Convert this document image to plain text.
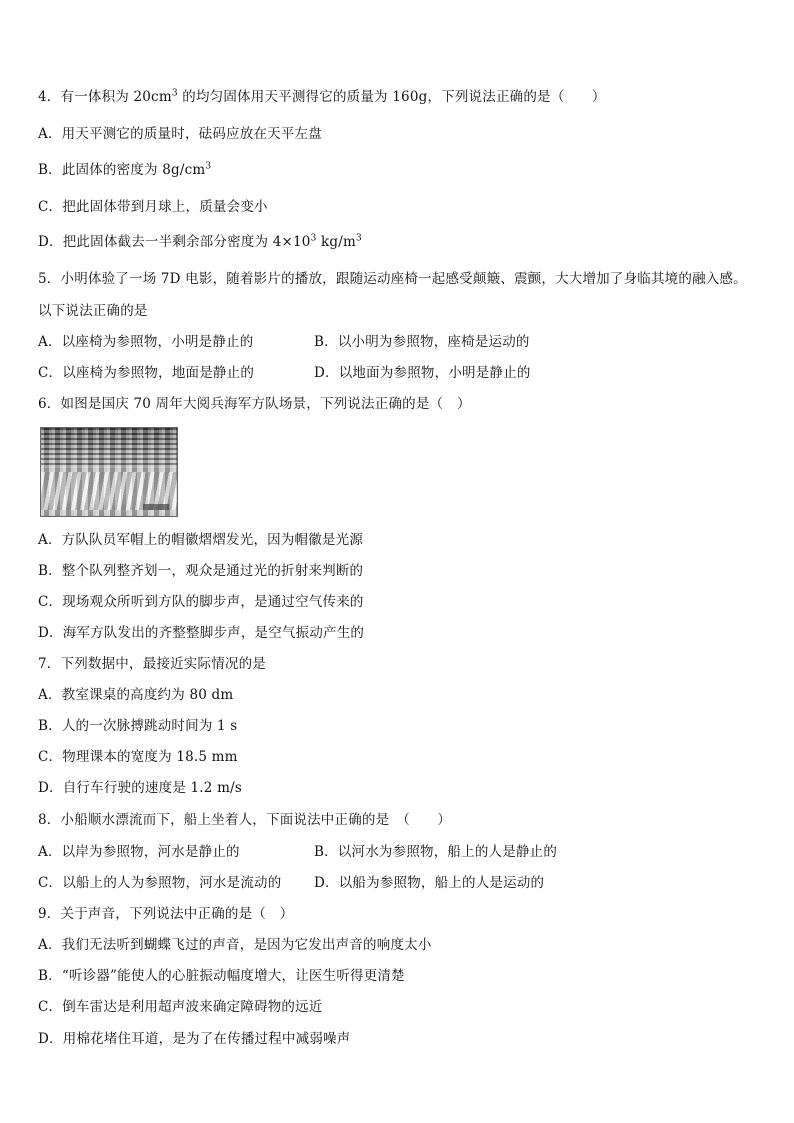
4．有一体积为 $20cm^3$ 的均匀固体用天平测得它的质量为 160g，下列说法正确的是（　　）
A．用天平测它的质量时，砝码应放在天平左盘
B．此固体的密度为 $8g/cm^3$
C．把此固体带到月球上，质量会变小
D．把此固体截去一半剩余部分密度为 $4\times 10^3$ $kg/m^3$
5．小明体验了一场 7D 电影，随着影片的播放，跟随运动座椅一起感受颠簸、震颤，大大增加了身临其境的融入感。
以下说法正确的是
A．以座椅为参照物，小明是静止的	B．以小明为参照物，座椅是运动的
C．以座椅为参照物，地面是静止的	D．以地面为参照物，小明是静止的
6．如图是国庆 70 周年大阅兵海军方队场景，下列说法正确的是（　）
A．方队队员军帽上的帽徽熠熠发光，因为帽徽是光源
B．整个队列整齐划一，观众是通过光的折射来判断的
C．现场观众所听到方队的脚步声，是通过空气传来的
D．海军方队发出的齐整整脚步声，是空气振动产生的
7．下列数据中，最接近实际情况的是
A．教室课桌的高度约为 80 dm
B．人的一次脉搏跳动时间为 1 s
C．物理课本的宽度为 18.5 mm
D．自行车行驶的速度是 1.2 m/s
8．小船顺水漂流而下，船上坐着人，下面说法中正确的是　（　　）
A．以岸为参照物，河水是静止的	B．以河水为参照物，船上的人是静止的
C．以船上的人为参照物，河水是流动的 D．以船为参照物，船上的人是运动的
9．关于声音，下列说法中正确的是（　）
A．我们无法听到蝴蝶飞过的声音，是因为它发出声音的响度太小
B．“听诊器”能使人的心脏振动幅度增大，让医生听得更清楚
C．倒车雷达是利用超声波来确定障碍物的远近
D．用棉花堵住耳道，是为了在传播过程中减弱噪声
